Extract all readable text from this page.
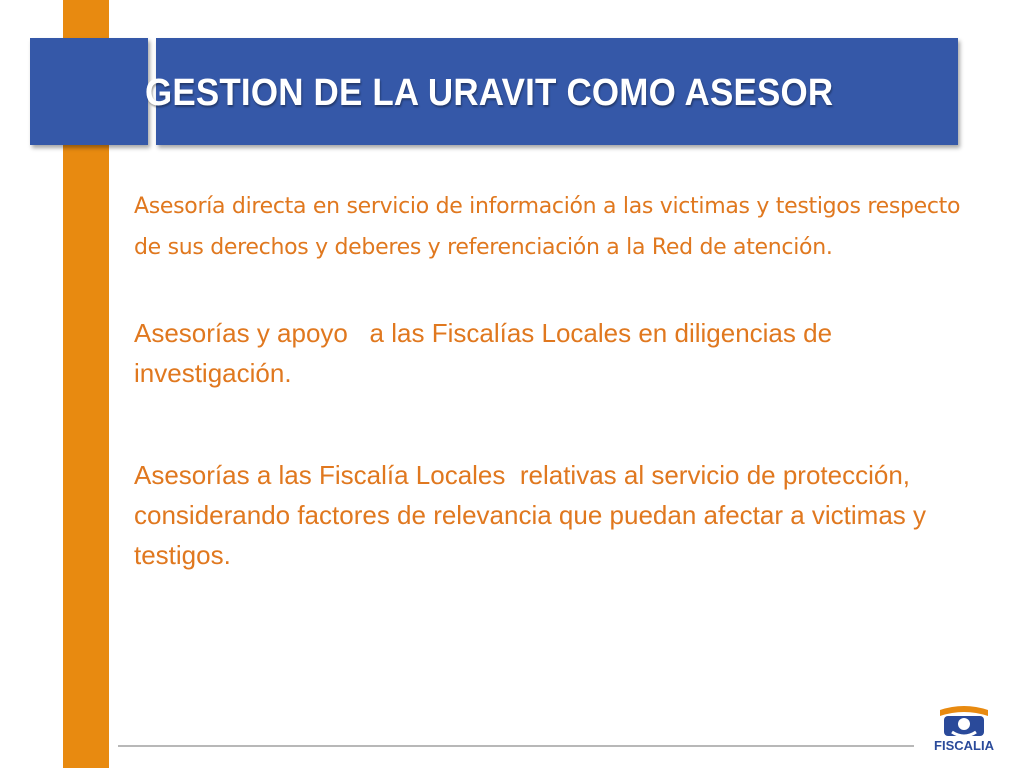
GESTION DE LA URAVIT COMO ASESOR
• Asesoría directa en servicio de información a las victimas y testigos respecto de sus derechos y deberes y referenciación a la Red de atención.
• Asesorías y apoyo   a las Fiscalías Locales en diligencias de investigación.
• Asesorías a las Fiscalía Locales  relativas al servicio de protección, considerando factores de relevancia que puedan afectar a victimas y testigos.
FISCALIA
